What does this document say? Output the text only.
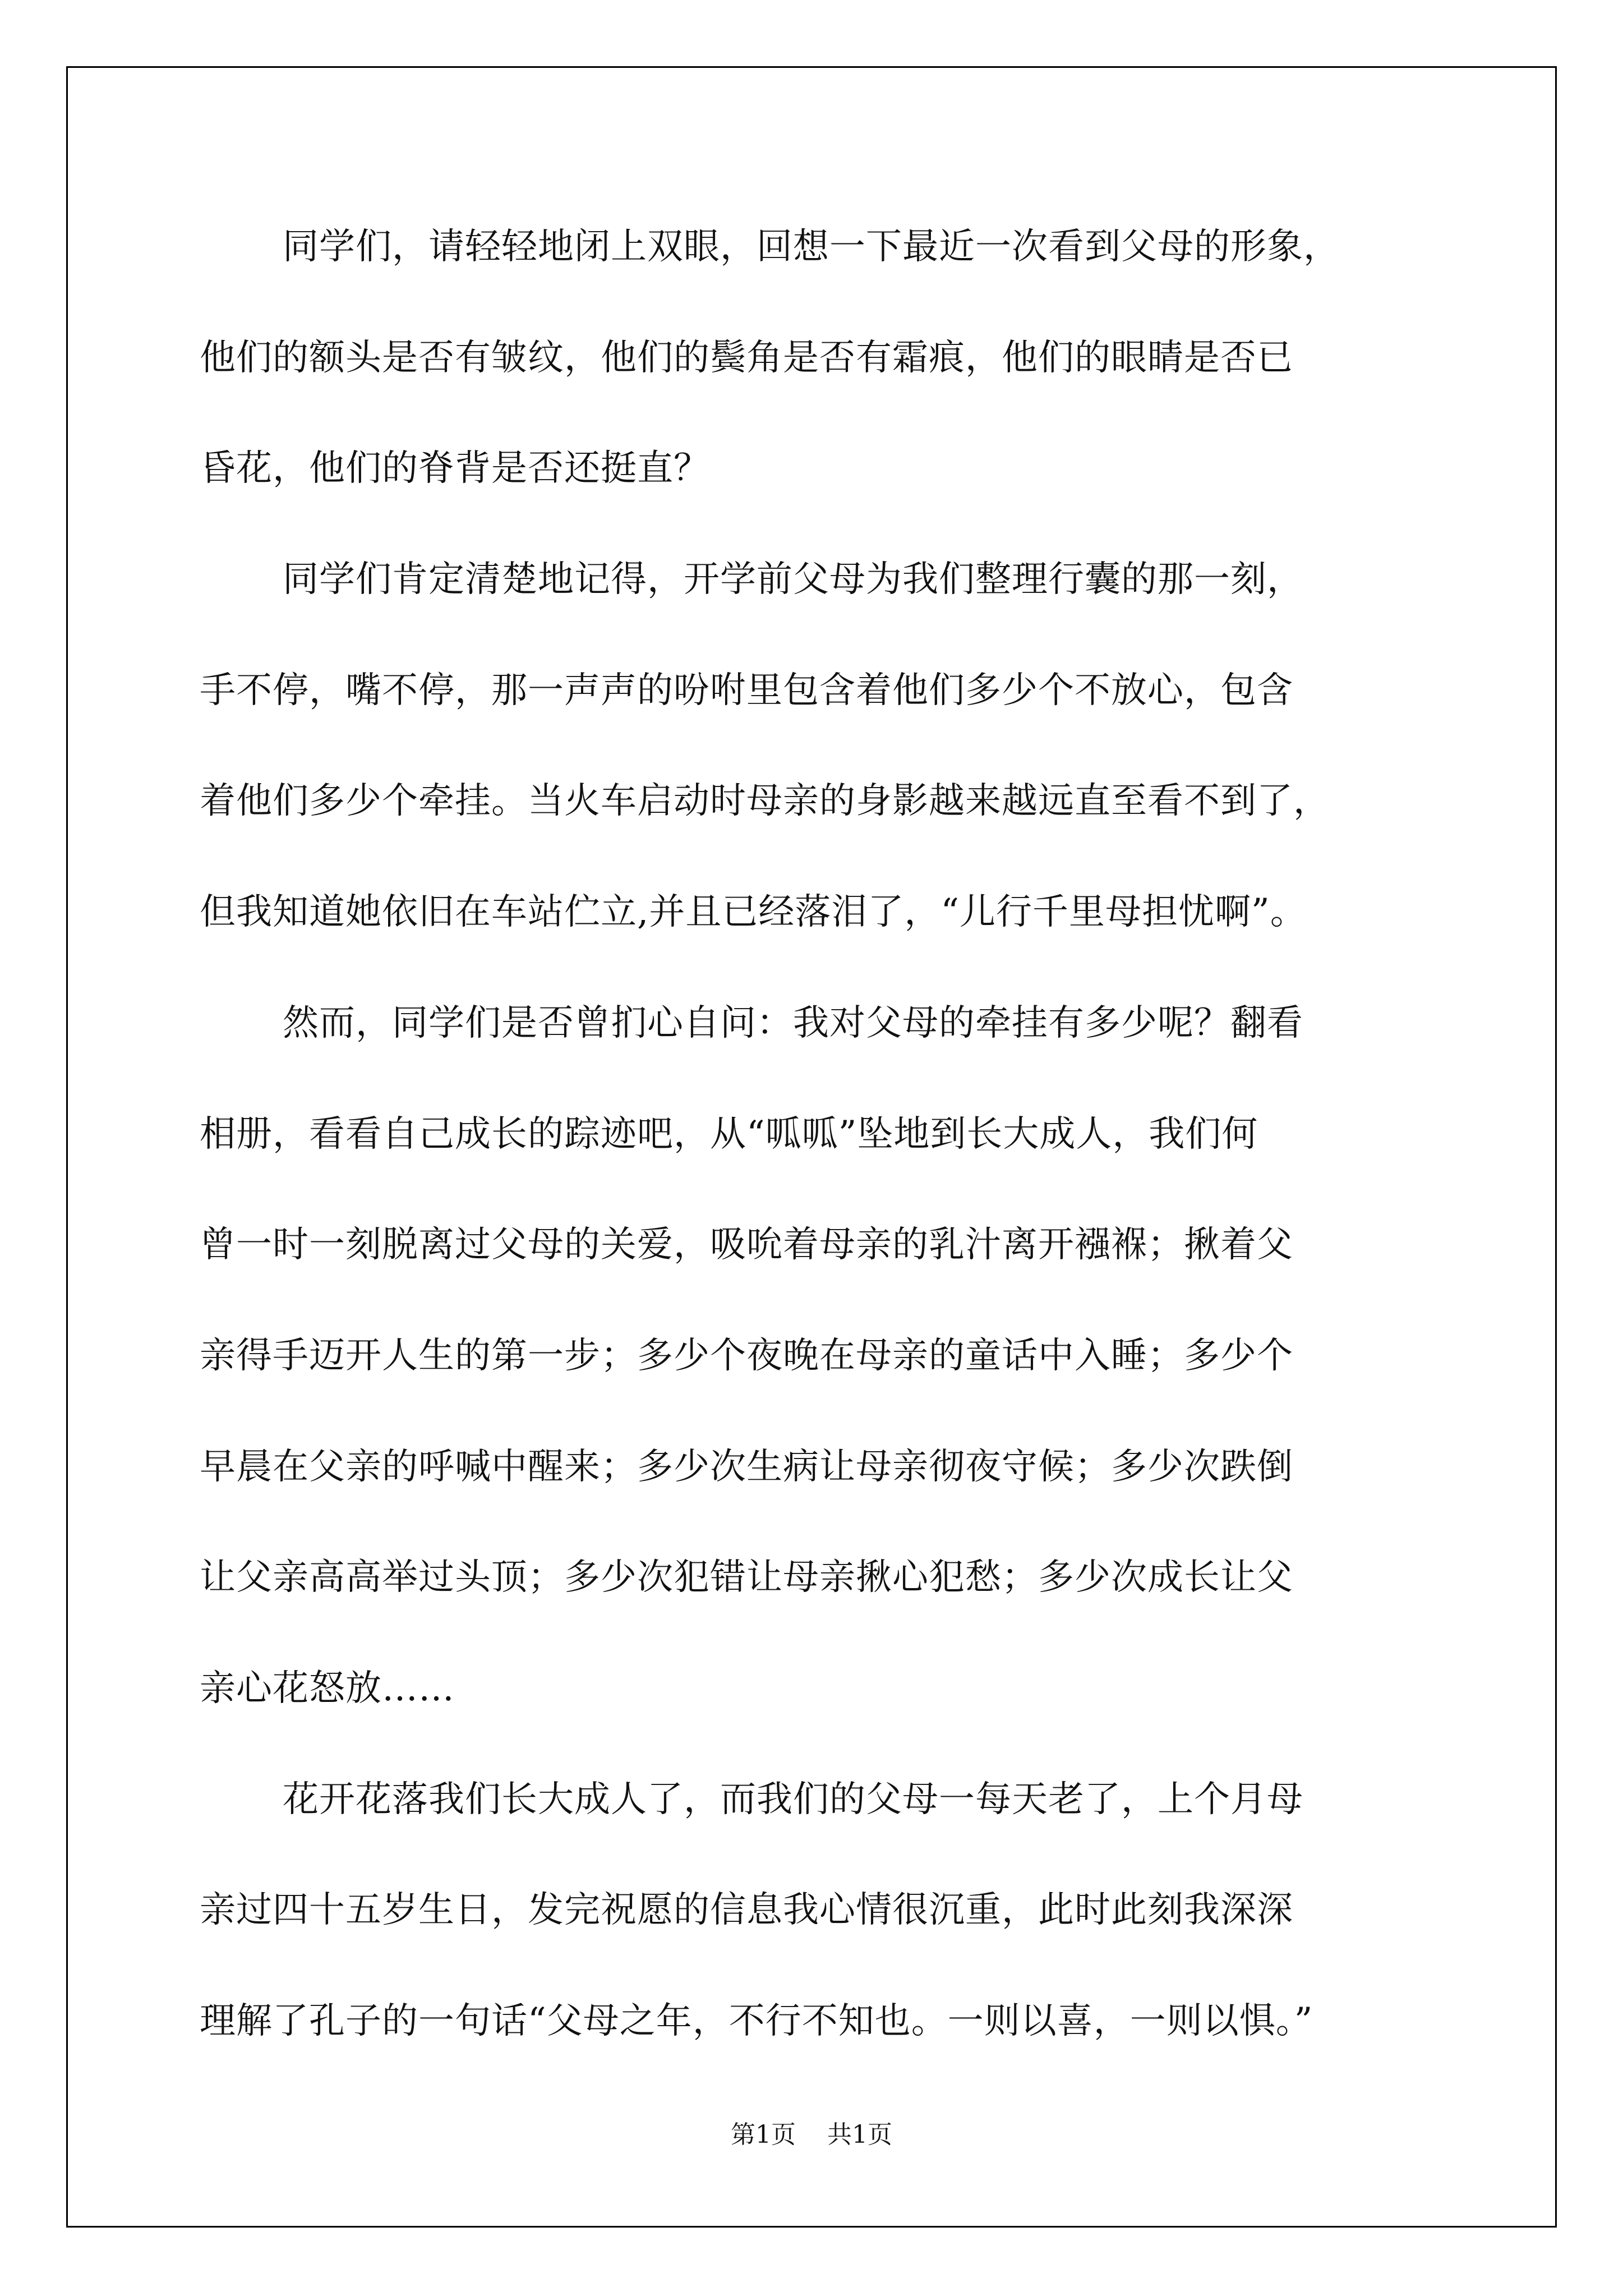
同学们，请轻轻地闭上双眼，回想一下最近一次看到父母的形象，
他们的额头是否有皱纹，他们的鬓角是否有霜痕，他们的眼睛是否已
昏花，他们的脊背是否还挺直？

同学们肯定清楚地记得，开学前父母为我们整理行囊的那一刻，
手不停，嘴不停，那一声声的吩咐里包含着他们多少个不放心，包含
着他们多少个牵挂。当火车启动时母亲的身影越来越远直至看不到了，
但我知道她依旧在车站伫立,并且已经落泪了，“儿行千里母担忧啊”。

然而，同学们是否曾扪心自问：我对父母的牵挂有多少呢？翻看
相册，看看自己成长的踪迹吧，从“呱呱”坠地到长大成人，我们何
曾一时一刻脱离过父母的关爱，吸吮着母亲的乳汁离开襁褓；揪着父
亲得手迈开人生的第一步；多少个夜晚在母亲的童话中入睡；多少个
早晨在父亲的呼喊中醒来；多少次生病让母亲彻夜守候；多少次跌倒
让父亲高高举过头顶；多少次犯错让母亲揪心犯愁；多少次成长让父
亲心花怒放……

花开花落我们长大成人了，而我们的父母一每天老了，上个月母
亲过四十五岁生日，发完祝愿的信息我心情很沉重，此时此刻我深深
理解了孔子的一句话“父母之年，不行不知也。一则以喜，一则以惧。”

第1页 共1页
